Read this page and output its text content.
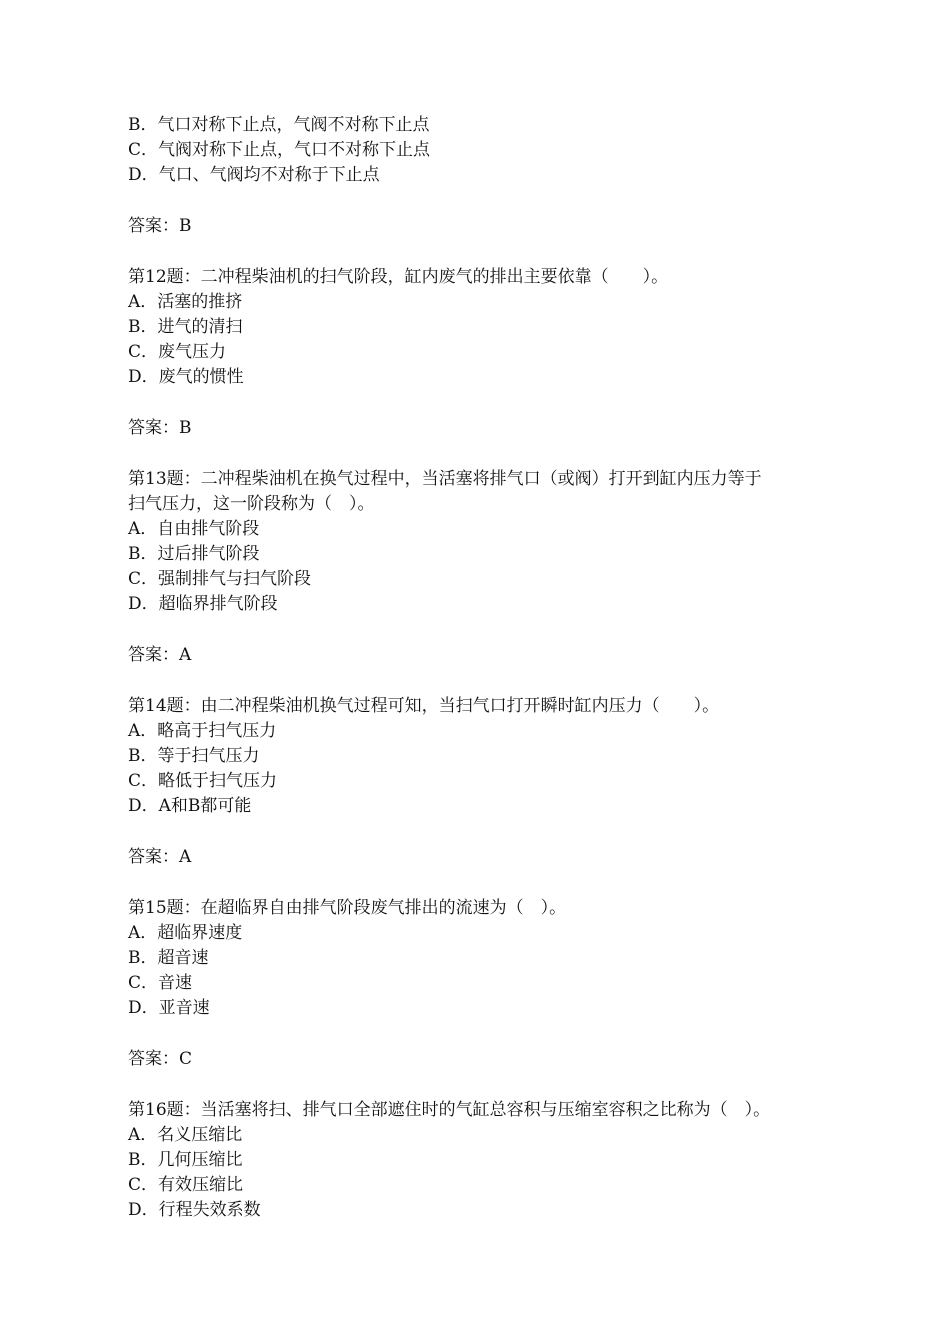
B．气口对称下止点，气阀不对称下止点
C．气阀对称下止点，气口不对称下止点
D．气口、气阀均不对称于下止点
答案：B
第12题：二冲程柴油机的扫气阶段，缸内废气的排出主要依靠（　　）。
A．活塞的推挤
B．进气的清扫
C．废气压力
D．废气的惯性
答案：B
第13题：二冲程柴油机在换气过程中，当活塞将排气口（或阀）打开到缸内压力等于
扫气压力，这一阶段称为（　）。
A．自由排气阶段
B．过后排气阶段
C．强制排气与扫气阶段
D．超临界排气阶段
答案：A
第14题：由二冲程柴油机换气过程可知，当扫气口打开瞬时缸内压力（　　）。
A．略高于扫气压力
B．等于扫气压力
C．略低于扫气压力
D．A和B都可能
答案：A
第15题：在超临界自由排气阶段废气排出的流速为（　）。
A．超临界速度
B．超音速
C．音速
D．亚音速
答案：C
第16题：当活塞将扫、排气口全部遮住时的气缸总容积与压缩室容积之比称为（　）。
A．名义压缩比
B．几何压缩比
C．有效压缩比
D．行程失效系数
